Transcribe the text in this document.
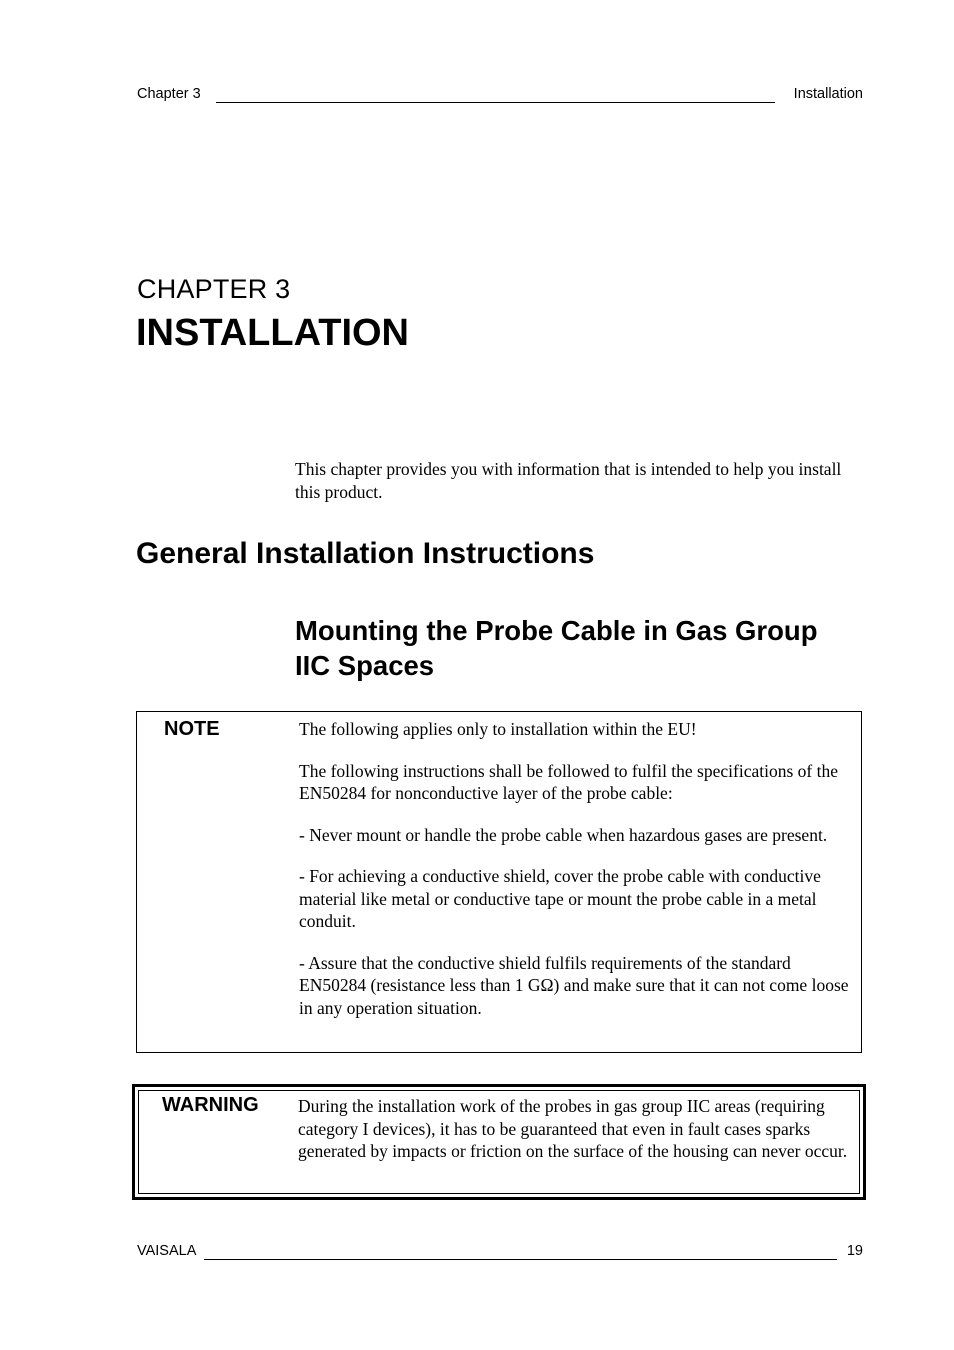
Chapter 3	Installation
CHAPTER 3
INSTALLATION
This chapter provides you with information that is intended to help you install this product.
General Installation Instructions
Mounting the Probe Cable in Gas Group IIC Spaces
NOTE	The following applies only to installation within the EU!

The following instructions shall be followed to fulfil the specifications of the EN50284 for nonconductive layer of the probe cable:

- Never mount or handle the probe cable when hazardous gases are present.

- For achieving a conductive shield, cover the probe cable with conductive material like metal or conductive tape or mount the probe cable in a metal conduit.

- Assure that the conductive shield fulfils requirements of the standard EN50284 (resistance less than 1 GΩ) and make sure that it can not come loose in any operation situation.

WARNING During the installation work of the probes in gas group IIC areas (requiring category I devices), it has to be guaranteed that even in fault cases sparks generated by impacts or friction on the surface of the housing can never occur.
VAISALA	19
